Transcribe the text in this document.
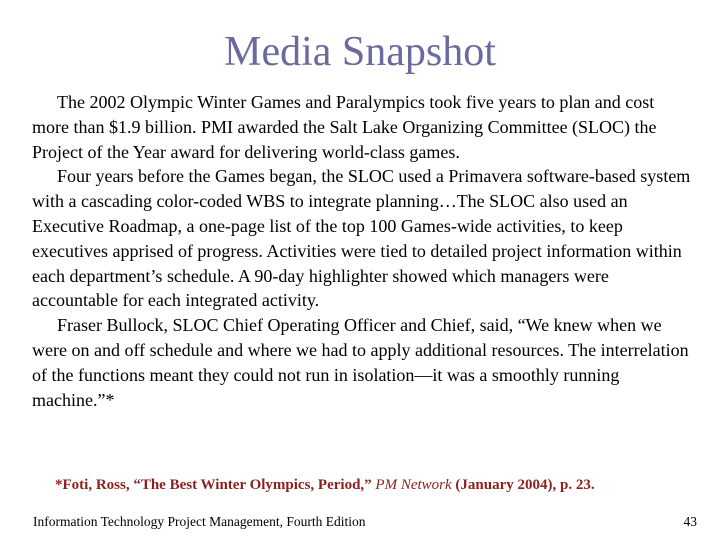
Media Snapshot

The 2002 Olympic Winter Games and Paralympics took five years to plan and cost more than $1.9 billion. PMI awarded the Salt Lake Organizing Committee (SLOC) the Project of the Year award for delivering world-class games.

Four years before the Games began, the SLOC used a Primavera software-based system with a cascading color-coded WBS to integrate planning…The SLOC also used an Executive Roadmap, a one-page list of the top 100 Games-wide activities, to keep executives apprised of progress. Activities were tied to detailed project information within each department’s schedule. A 90-day highlighter showed which managers were accountable for each integrated activity.

Fraser Bullock, SLOC Chief Operating Officer and Chief, said, “We knew when we were on and off schedule and where we had to apply additional resources. The interrelation of the functions meant they could not run in isolation—it was a smoothly running machine.”*

*Foti, Ross, “The Best Winter Olympics, Period,” PM Network (January 2004), p. 23.

Information Technology Project Management, Fourth Edition	43
